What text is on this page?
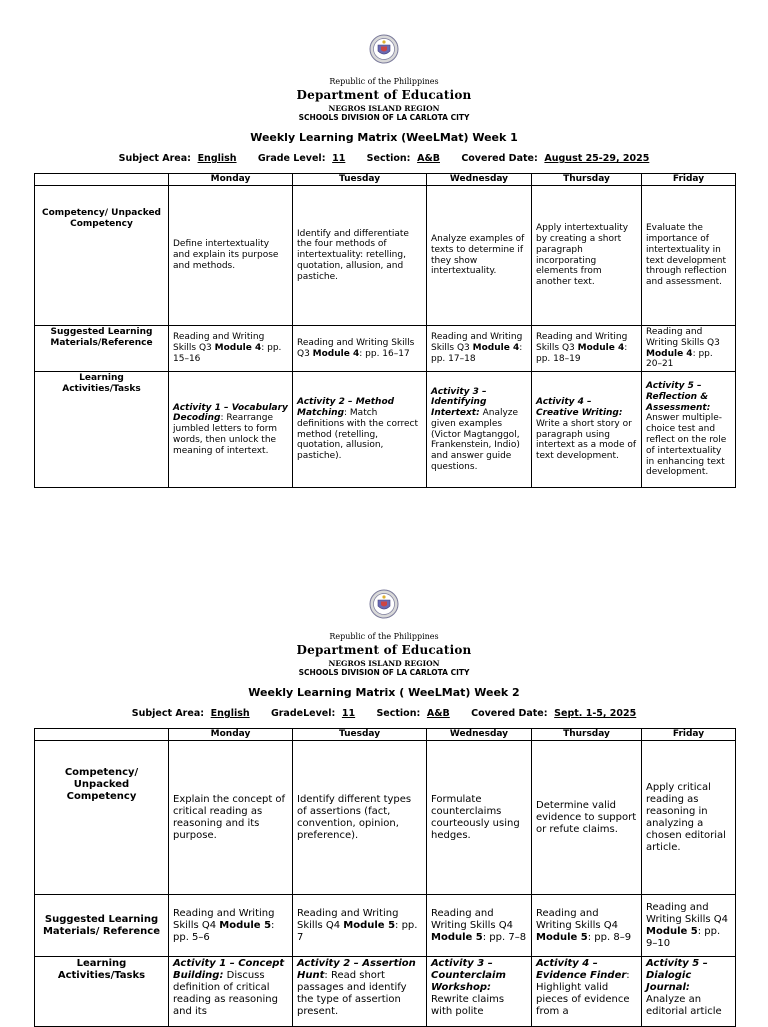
Republic of the Philippines
Department of Education
NEGROS ISLAND REGION
SCHOOLS DIVISION OF LA CARLOTA CITY
Weekly Learning Matrix (WeeLMat) Week 1
Subject Area: English Grade Level: 11 Section: A&B Covered Date: August 25-29, 2025
	Monday	Tuesday	Wednesday	Thursday	Friday
Competency/ Unpacked Competency	Define intertextuality and explain its purpose and methods.	Identify and differentiate the four methods of intertextuality: retelling, quotation, allusion, and pastiche.	Analyze examples of texts to determine if they show intertextuality.	Apply intertextuality by creating a short paragraph incorporating elements from another text.	Evaluate the importance of intertextuality in text development through reflection and assessment.
Suggested Learning Materials/Reference	Reading and Writing Skills Q3 Module 4: pp. 15–16	Reading and Writing Skills Q3 Module 4: pp. 16–17	Reading and Writing Skills Q3 Module 4: pp. 17–18	Reading and Writing Skills Q3 Module 4: pp. 18–19	Reading and Writing Skills Q3 Module 4: pp. 20–21
Learning Activities/Tasks	Activity 1 – Vocabulary Decoding: Rearrange jumbled letters to form words, then unlock the meaning of intertext.	Activity 2 – Method Matching: Match definitions with the correct method (retelling, quotation, allusion, pastiche).	Activity 3 – Identifying Intertext: Analyze given examples (Victor Magtanggol, Frankenstein, Indio) and answer guide questions.	Activity 4 – Creative Writing: Write a short story or paragraph using intertext as a mode of text development.	Activity 5 – Reflection & Assessment: Answer multiple-choice test and reflect on the role of intertextuality in enhancing text development.
Republic of the Philippines
Department of Education
NEGROS ISLAND REGION
SCHOOLS DIVISION OF LA CARLOTA CITY
Weekly Learning Matrix ( WeeLMat) Week 2
Subject Area: English GradeLevel: 11 Section: A&B Covered Date: Sept. 1-5, 2025
	Monday	Tuesday	Wednesday	Thursday	Friday
Competency/ Unpacked Competency	Explain the concept of critical reading as reasoning and its purpose.	Identify different types of assertions (fact, convention, opinion, preference).	Formulate counterclaims courteously using hedges.	Determine valid evidence to support or refute claims.	Apply critical reading as reasoning in analyzing a chosen editorial article.
Suggested Learning Materials/ Reference	Reading and Writing Skills Q4 Module 5: pp. 5–6	Reading and Writing Skills Q4 Module 5: pp. 7	Reading and Writing Skills Q4 Module 5: pp. 7–8	Reading and Writing Skills Q4 Module 5: pp. 8–9	Reading and Writing Skills Q4 Module 5: pp. 9–10
Learning Activities/Tasks	Activity 1 – Concept Building: Discuss definition of critical reading as reasoning and its	Activity 2 – Assertion Hunt: Read short passages and identify the type of assertion present.	Activity 3 – Counterclaim Workshop: Rewrite claims with polite	Activity 4 – Evidence Finder: Highlight valid pieces of evidence from a	Activity 5 – Dialogic Journal: Analyze an editorial article
